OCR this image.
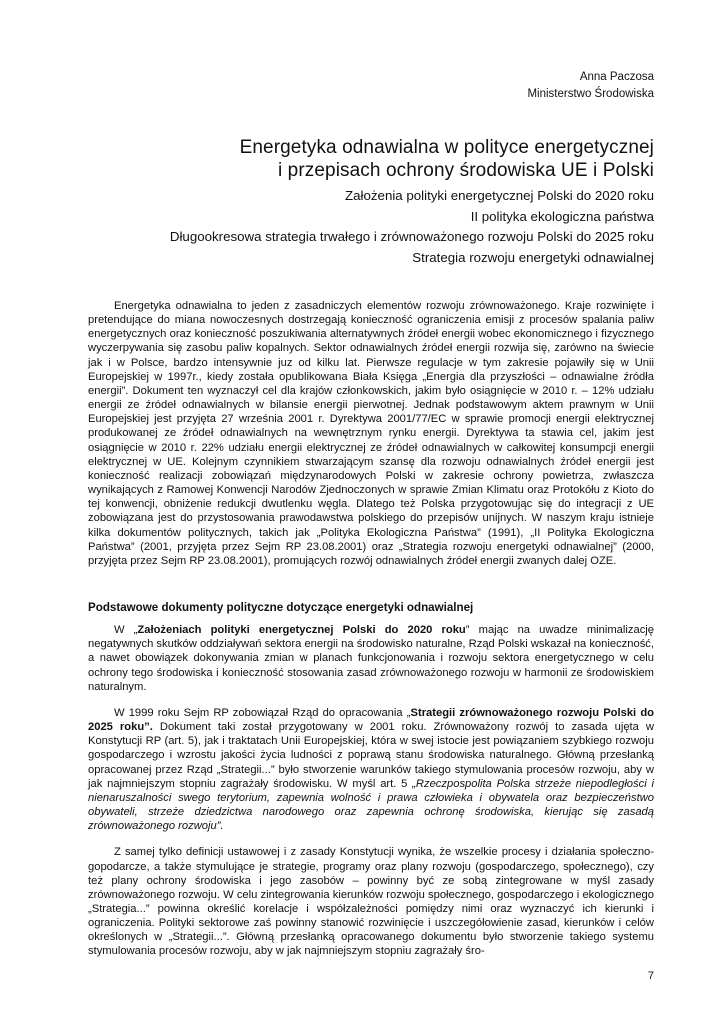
Anna Paczosa
Ministerstwo Środowiska
Energetyka odnawialna w polityce energetycznej
i przepisach ochrony środowiska UE i Polski
Założenia polityki energetycznej Polski do 2020 roku
II polityka ekologiczna państwa
Długookresowa strategia trwałego i zrównoważonego rozwoju Polski do 2025 roku
Strategia rozwoju energetyki odnawialnej

Energetyka odnawialna to jeden z zasadniczych elementów rozwoju zrównoważonego. Kraje rozwinięte i pretendujące do miana nowoczesnych dostrzegają konieczność ograniczenia emisji z procesów spalania paliw energetycznych oraz konieczność poszukiwania alternatywnych źródeł energii wobec ekonomicznego i fizycznego wyczerpywania się zasobu paliw kopalnych. Sektor odnawialnych źródeł energii rozwija się, zarówno na świecie jak i w Polsce, bardzo intensywnie juz od kilku lat. Pierwsze regulacje w tym zakresie pojawiły się w Unii Europejskiej w 1997r., kiedy została opublikowana Biała Księga „Energia dla przyszłości – odnawialne źródła energii”. Dokument ten wyznaczył cel dla krajów członkowskich, jakim było osiągnięcie w 2010 r. – 12% udziału energii ze źródeł odnawialnych w bilansie energii pierwotnej. Jednak podstawowym aktem prawnym w Unii Europejskiej jest przyjęta 27 września 2001 r. Dyrektywa 2001/77/EC w sprawie promocji energii elektrycznej produkowanej ze źródeł odnawialnych na wewnętrznym rynku energii. Dyrektywa ta stawia cel, jakim jest osiągnięcie w 2010 r. 22% udziału energii elektrycznej ze źródeł odnawialnych w całkowitej konsumpcji energii elektrycznej w UE. Kolejnym czynnikiem stwarzającym szansę dla rozwoju odnawialnych źródeł energii jest konieczność realizacji zobowiązań międzynarodowych Polski w zakresie ochrony powietrza, zwłaszcza wynikających z Ramowej Konwencji Narodów Zjednoczonych w sprawie Zmian Klimatu oraz Protokółu z Kioto do tej konwencji, obniżenie redukcji dwutlenku węgla. Dlatego też Polska przygotowując się do integracji z UE zobowiązana jest do przystosowania prawodawstwa polskiego do przepisów unijnych. W naszym kraju istnieje kilka dokumentów politycznych, takich jak „Polityka Ekologiczna Państwa” (1991), „II Polityka Ekologiczna Państwa” (2001, przyjęta przez Sejm RP 23.08.2001) oraz „Strategia rozwoju energetyki odnawialnej” (2000, przyjęta przez Sejm RP 23.08.2001), promujących rozwój odnawialnych źródeł energii zwanych dalej OZE.

Podstawowe dokumenty polityczne dotyczące energetyki odnawialnej

W „Założeniach polityki energetycznej Polski do 2020 roku” mając na uwadze minimalizację negatywnych skutków oddziaływań sektora energii na środowisko naturalne, Rząd Polski wskazał na konieczność, a nawet obowiązek dokonywania zmian w planach funkcjonowania i rozwoju sektora energetycznego w celu ochrony tego środowiska i konieczność stosowania zasad zrównoważonego rozwoju w harmonii ze środowiskiem naturalnym.

W 1999 roku Sejm RP zobowiązał Rząd do opracowania „Strategii zrównoważonego rozwoju Polski do 2025 roku”. Dokument taki został przygotowany w 2001 roku. Zrównoważony rozwój to zasada ujęta w Konstytucji RP (art. 5), jak i traktatach Unii Europejskiej, która w swej istocie jest powiązaniem szybkiego rozwoju gospodarczego i wzrostu jakości życia ludności z poprawą stanu środowiska naturalnego. Główną przesłanką opracowanej przez Rząd „Strategii...” było stworzenie warunków takiego stymulowania procesów rozwoju, aby w jak najmniejszym stopniu zagrażały środowisku. W myśl art. 5 „Rzeczpospolita Polska strzeże niepodległości i nienaruszalności swego terytorium, zapewnia wolność i prawa człowieka i obywatela oraz bezpieczeństwo obywateli, strzeże dziedzictwa narodowego oraz zapewnia ochronę środowiska, kierując się zasadą zrównoważonego rozwoju”.

Z samej tylko definicji ustawowej i z zasady Konstytucji wynika, że wszelkie procesy i działania społeczno-gopodarcze, a także stymulujące je strategie, programy oraz plany rozwoju (gospodarczego, społecznego), czy też plany ochrony środowiska i jego zasobów – powinny być ze sobą zintegrowane w myśl zasady zrównoważonego rozwoju. W celu zintegrowania kierunków rozwoju społecznego, gospodarczego i ekologicznego „Strategia...” powinna określić korelacje i współzależności pomiędzy nimi oraz wyznaczyć ich kierunki i ograniczenia. Polityki sektorowe zaś powinny stanowić rozwinięcie i uszczegółowienie zasad, kierunków i celów określonych w „Strategii...”. Główną przesłanką opracowanego dokumentu było stworzenie takiego systemu stymulowania procesów rozwoju, aby w jak najmniejszym stopniu zagrażały śro-

7
